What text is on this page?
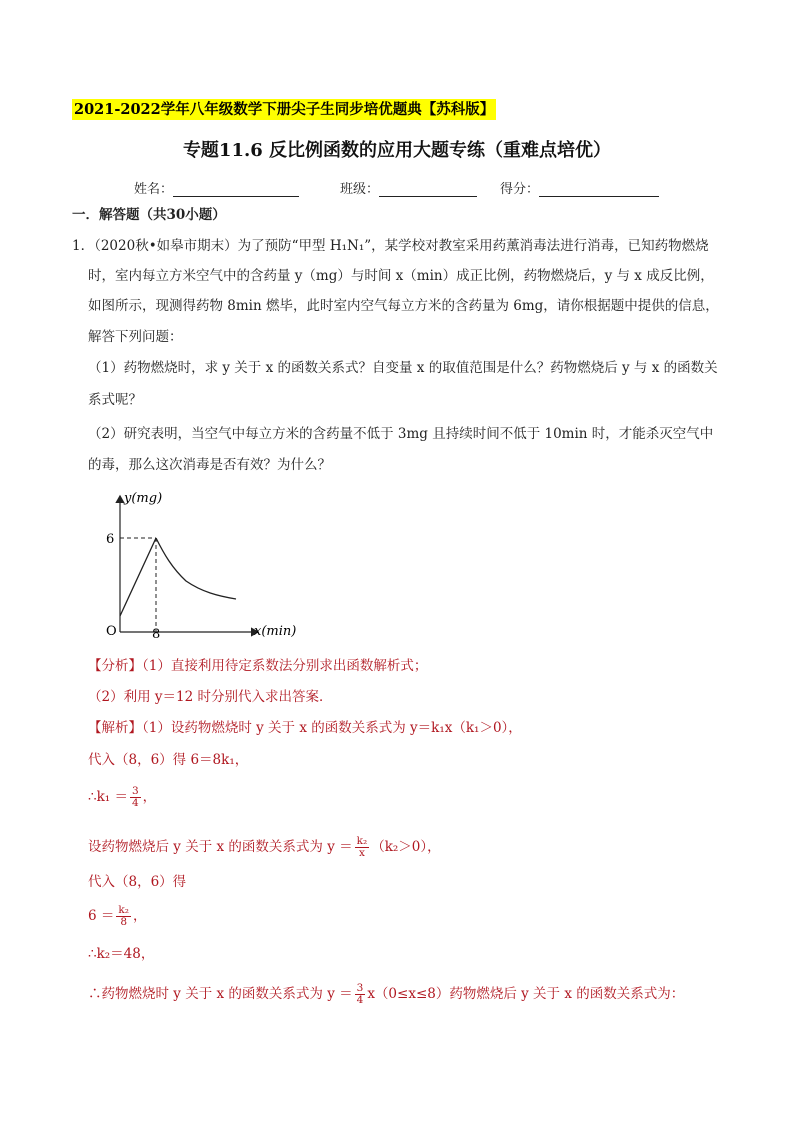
2021-2022学年八年级数学下册尖子生同步培优题典【苏科版】
专题11.6 反比例函数的应用大题专练（重难点培优）
姓名：	班级：	得分：
一．解答题（共30小题）
1．（2020秋•如皋市期末）为了预防“甲型 H₁N₁”，某学校对教室采用药薰消毒法进行消毒，已知药物燃烧
时，室内每立方米空气中的含药量 y（mg）与时间 x（min）成正比例，药物燃烧后，y 与 x 成反比例，
如图所示，现测得药物 8min 燃毕，此时室内空气每立方米的含药量为 6mg，请你根据题中提供的信息，
解答下列问题：
（1）药物燃烧时，求 y 关于 x 的函数关系式？自变量 x 的取值范围是什么？药物燃烧后 y 与 x 的函数关
系式呢？
（2）研究表明，当空气中每立方米的含药量不低于 3mg 且持续时间不低于 10min 时，才能杀灭空气中
的毒，那么这次消毒是否有效？为什么？
y(mg)
x(min)
O
6
8
【分析】（1）直接利用待定系数法分别求出函数解析式；
（2）利用 y＝12 时分别代入求出答案．
【解析】（1）设药物燃烧时 y 关于 x 的函数关系式为 y＝k₁x（k₁＞0），
代入（8，6）得 6＝8k₁，
∴k₁ ＝ $\frac{3}{4}$ ，
设药物燃烧后 y 关于 x 的函数关系式为 $y = \frac{\text{k₂}}{x} (k_2>0)$，
代入（8，6）得
$6 = \frac{\text{k₂}}{8}$ ，
∴k₂＝48，
∴药物燃烧时 y 关于 x 的函数关系式为 $y = \frac{3}{4} x(0\le x\le 8)$药物燃烧后 y 关于 x 的函数关系式为：
